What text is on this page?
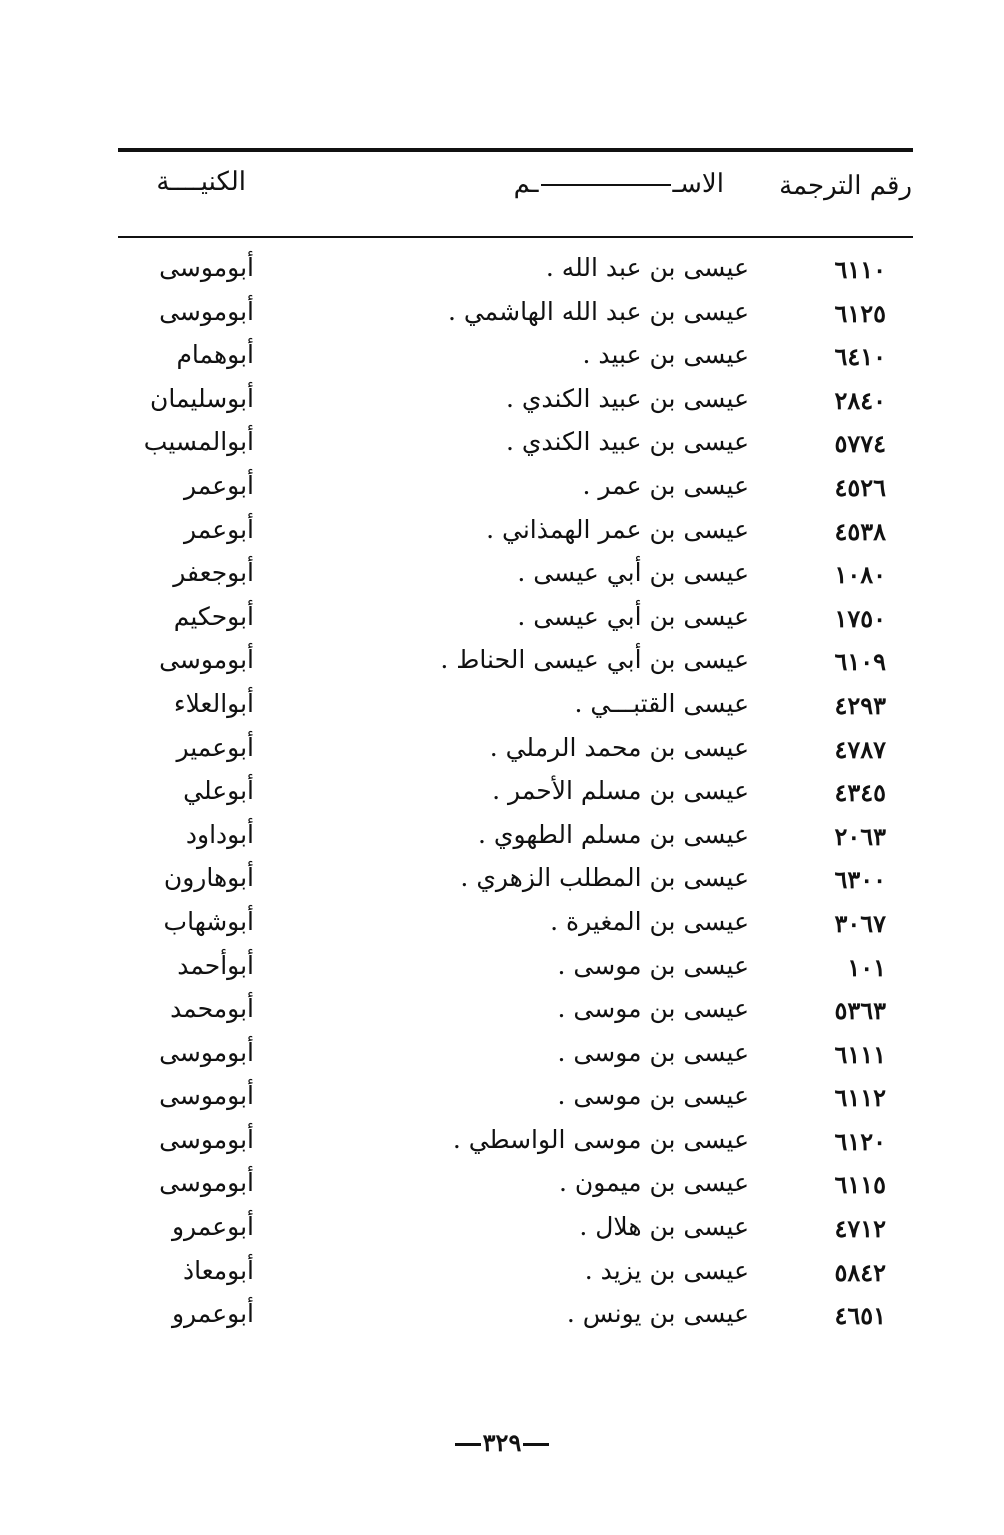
رقم الترجمة
الاســم
الكنيــــة
٦١١٠
عيسى بن عبد الله .
أبوموسى
٦١٢٥
عيسى بن عبد الله الهاشمي .
أبوموسى
٦٤١٠
عيسى بن عبيد .
أبوهمام
٢٨٤٠
عيسى بن عبيد الكندي .
أبوسليمان
٥٧٧٤
عيسى بن عبيد الكندي .
أبوالمسيب
٤٥٢٦
عيسى بن عمر .
أبوعمر
٤٥٣٨
عيسى بن عمر الهمذاني .
أبوعمر
١٠٨٠
عيسى بن أبي عيسى .
أبوجعفر
١٧٥٠
عيسى بن أبي عيسى .
أبوحكيم
٦١٠٩
عيسى بن أبي عيسى الحناط .
أبوموسى
٤٢٩٣
عيسى القتبـــي .
أبوالعلاء
٤٧٨٧
عيسى بن محمد الرملي .
أبوعمير
٤٣٤٥
عيسى بن مسلم الأحمر .
أبوعلي
٢٠٦٣
عيسى بن مسلم الطهوي .
أبوداود
٦٣٠٠
عيسى بن المطلب الزهري .
أبوهارون
٣٠٦٧
عيسى بن المغيرة .
أبوشهاب
١٠١
عيسى بن موسى .
أبوأحمد
٥٣٦٣
عيسى بن موسى .
أبومحمد
٦١١١
عيسى بن موسى .
أبوموسى
٦١١٢
عيسى بن موسى .
أبوموسى
٦١٢٠
عيسى بن موسى الواسطي .
أبوموسى
٦١١٥
عيسى بن ميمون .
أبوموسى
٤٧١٢
عيسى بن هلال .
أبوعمرو
٥٨٤٢
عيسى بن يزيد .
أبومعاذ
٤٦٥١
عيسى بن يونس .
أبوعمرو
٣٢٩
